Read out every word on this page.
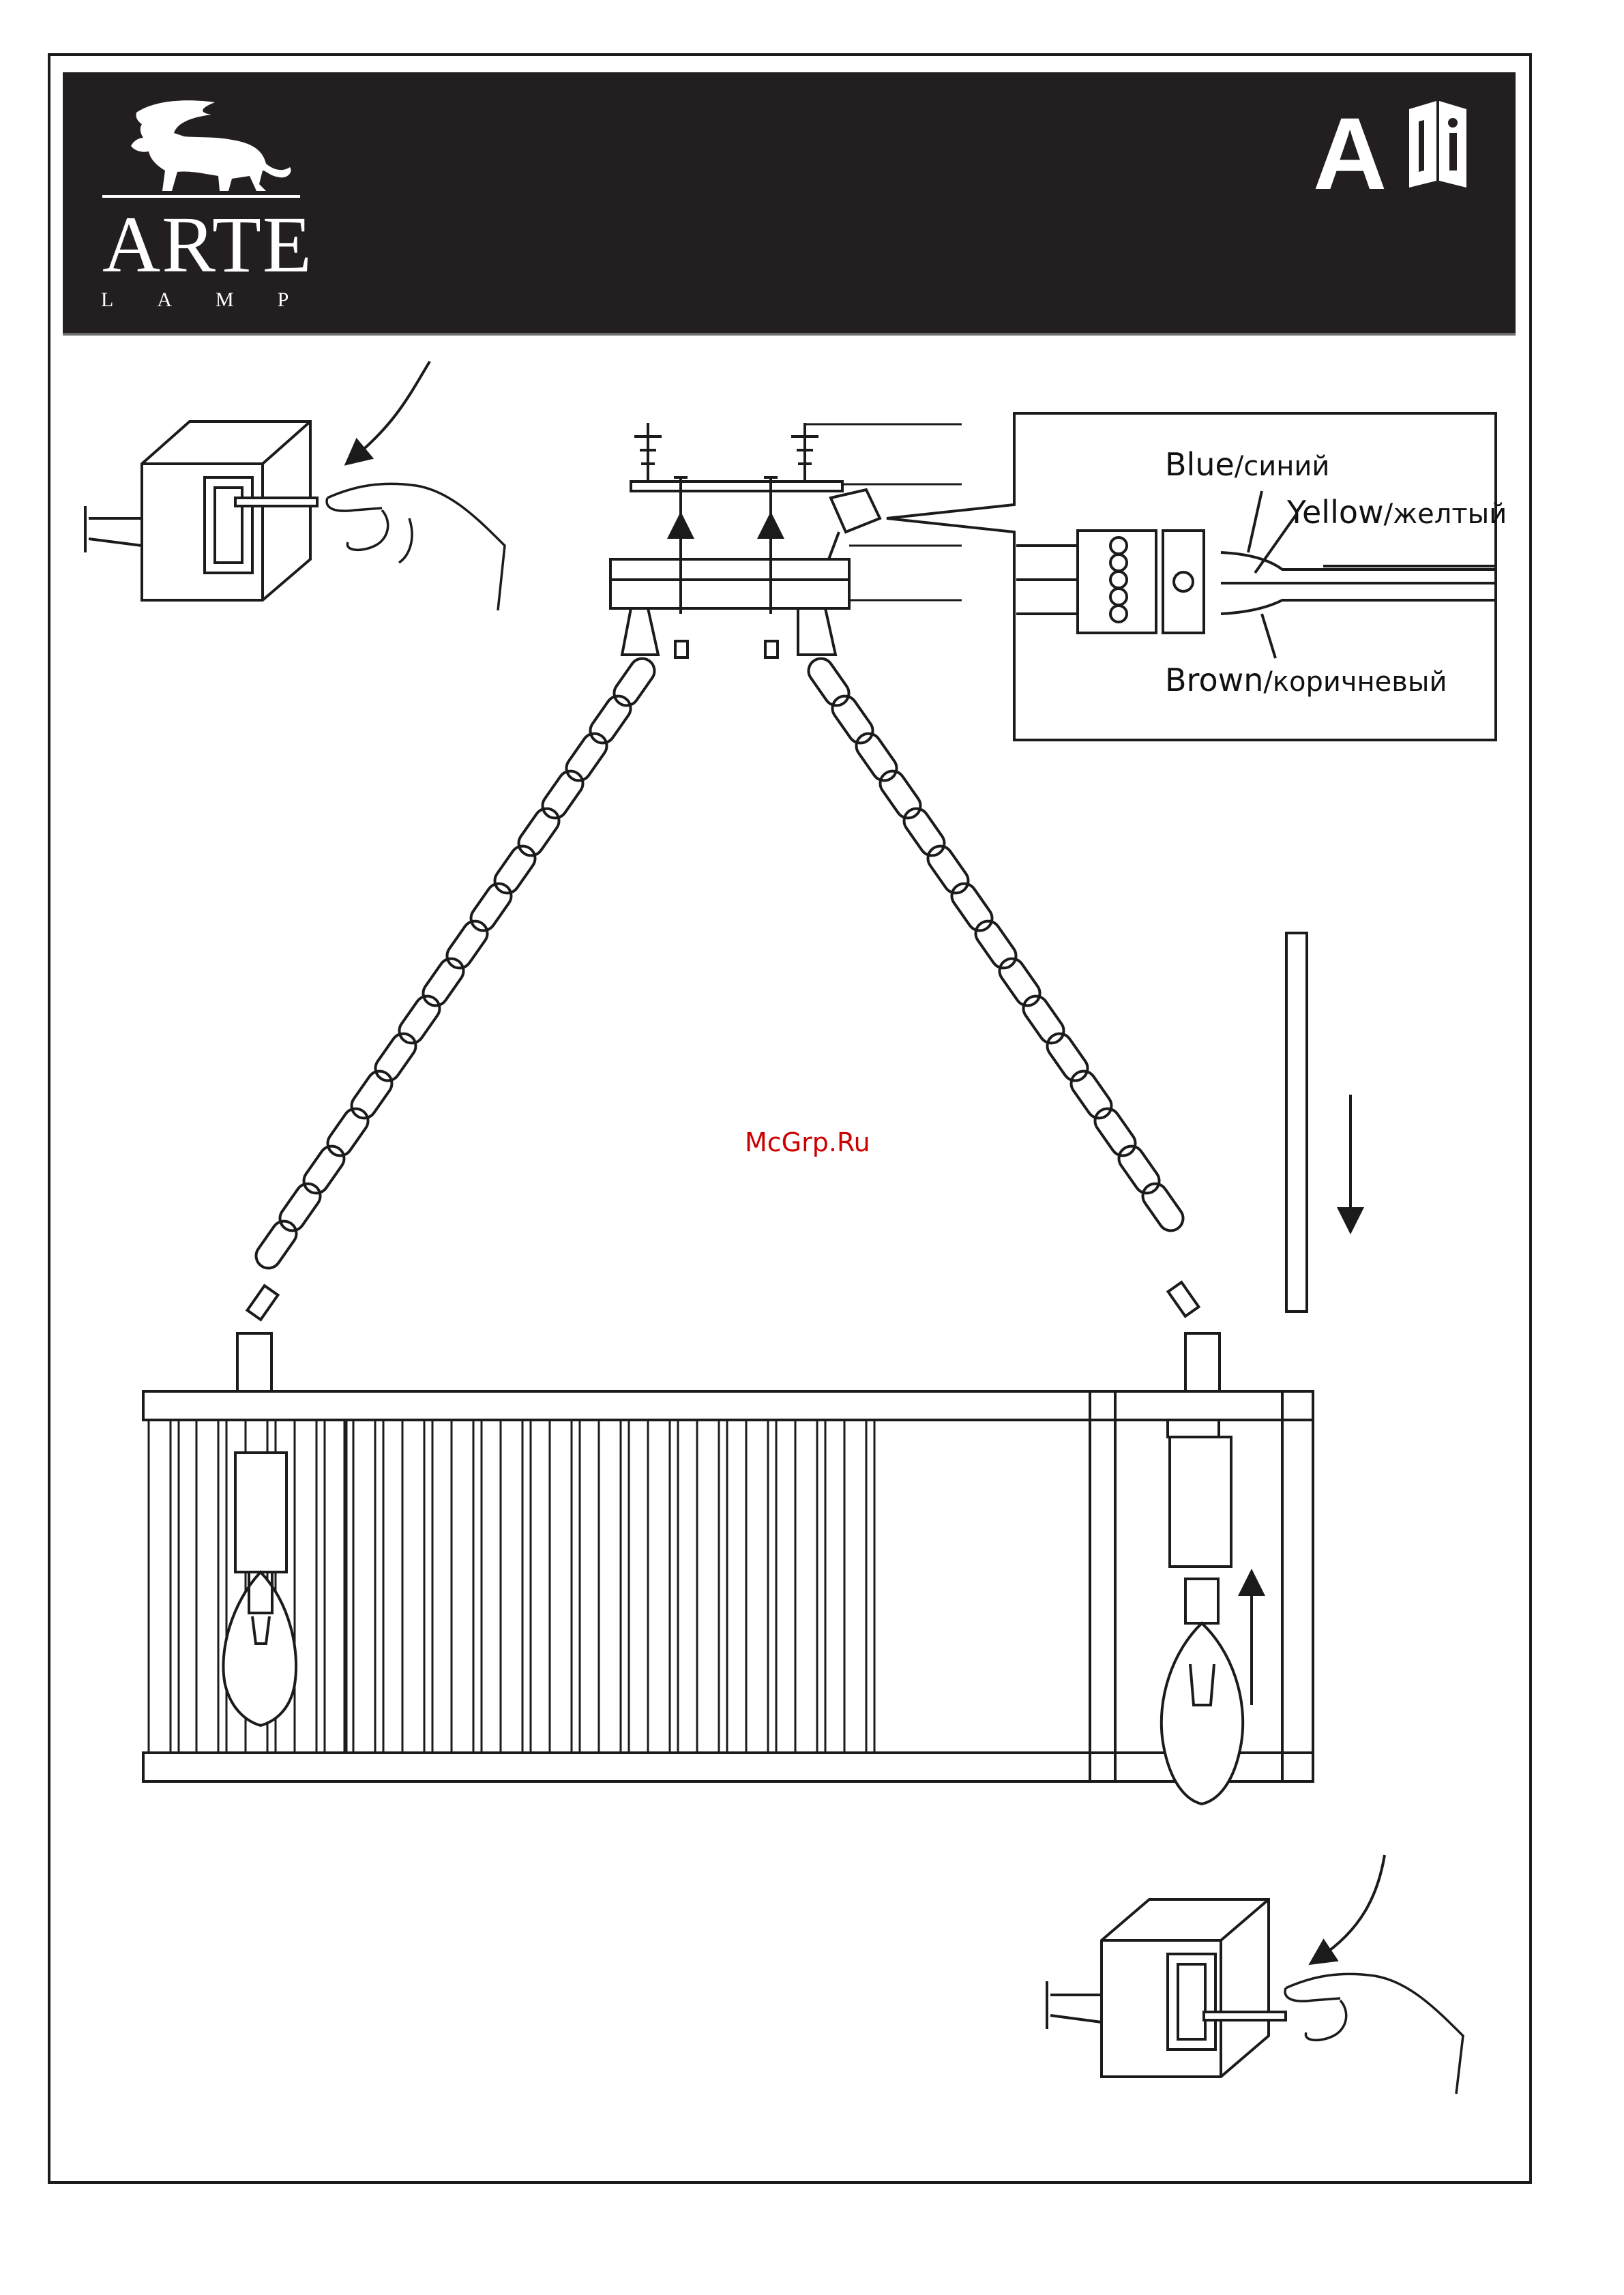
ARTE
LAMP
A
Blue/синий
Yellow/желтый
Brown/коричневый
McGrp.Ru
